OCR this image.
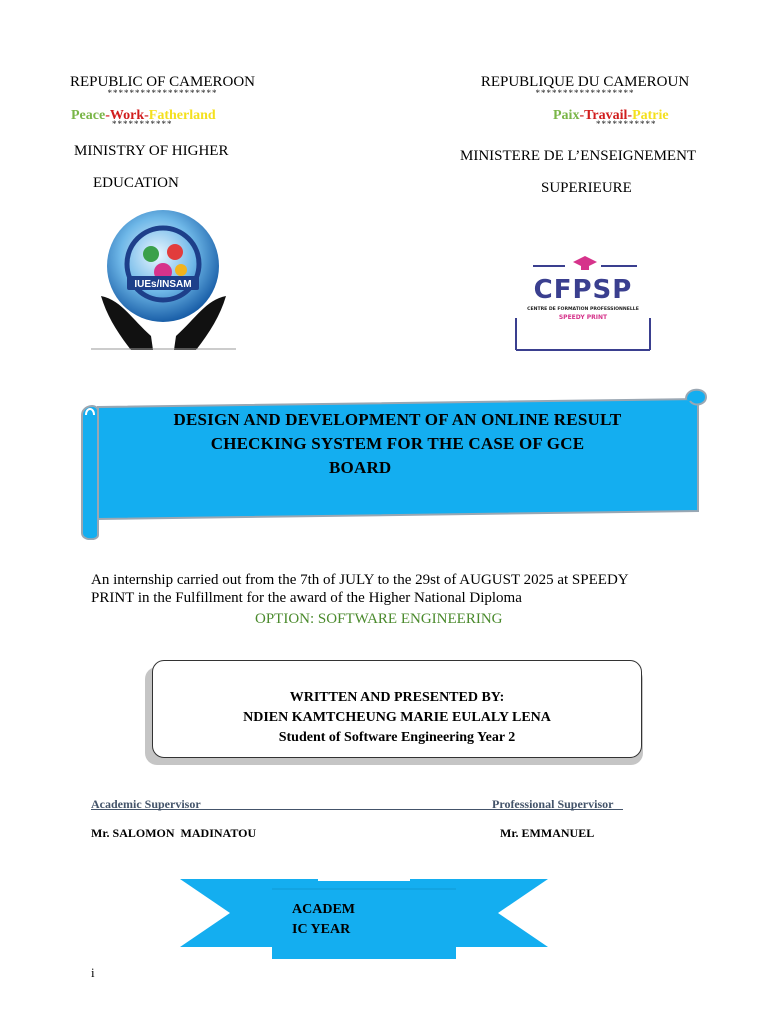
REPUBLIC OF CAMEROON
********************
Peace-Work-Fatherland
***********
MINISTRY OF HIGHER
EDUCATION
IUEs/INSAM
REPUBLIQUE DU CAMEROUN
******************
Paix-Travail-Patrie
***********
MINISTERE DE L’ENSEIGNEMENT
SUPERIEURE
CFPSP
CENTRE DE FORMATION PROFESSIONNELLE
SPEEDY PRINT
DESIGN AND DEVELOPMENT OF AN ONLINE RESULT
CHECKING SYSTEM FOR THE CASE OF GCE
BOARD
An internship carried out from the 7th of JULY to the 29st of AUGUST 2025 at SPEEDY
PRINT in the Fulfillment for the award of the Higher National Diploma
OPTION: SOFTWARE ENGINEERING
WRITTEN AND PRESENTED BY:
NDIEN KAMTCHEUNG MARIE EULALY LENA
Student of Software Engineering Year 2
Academic Supervisor	Professional Supervisor
Mr. SALOMON  MADINATOU	Mr. EMMANUEL
ACADEM
IC YEAR
i
